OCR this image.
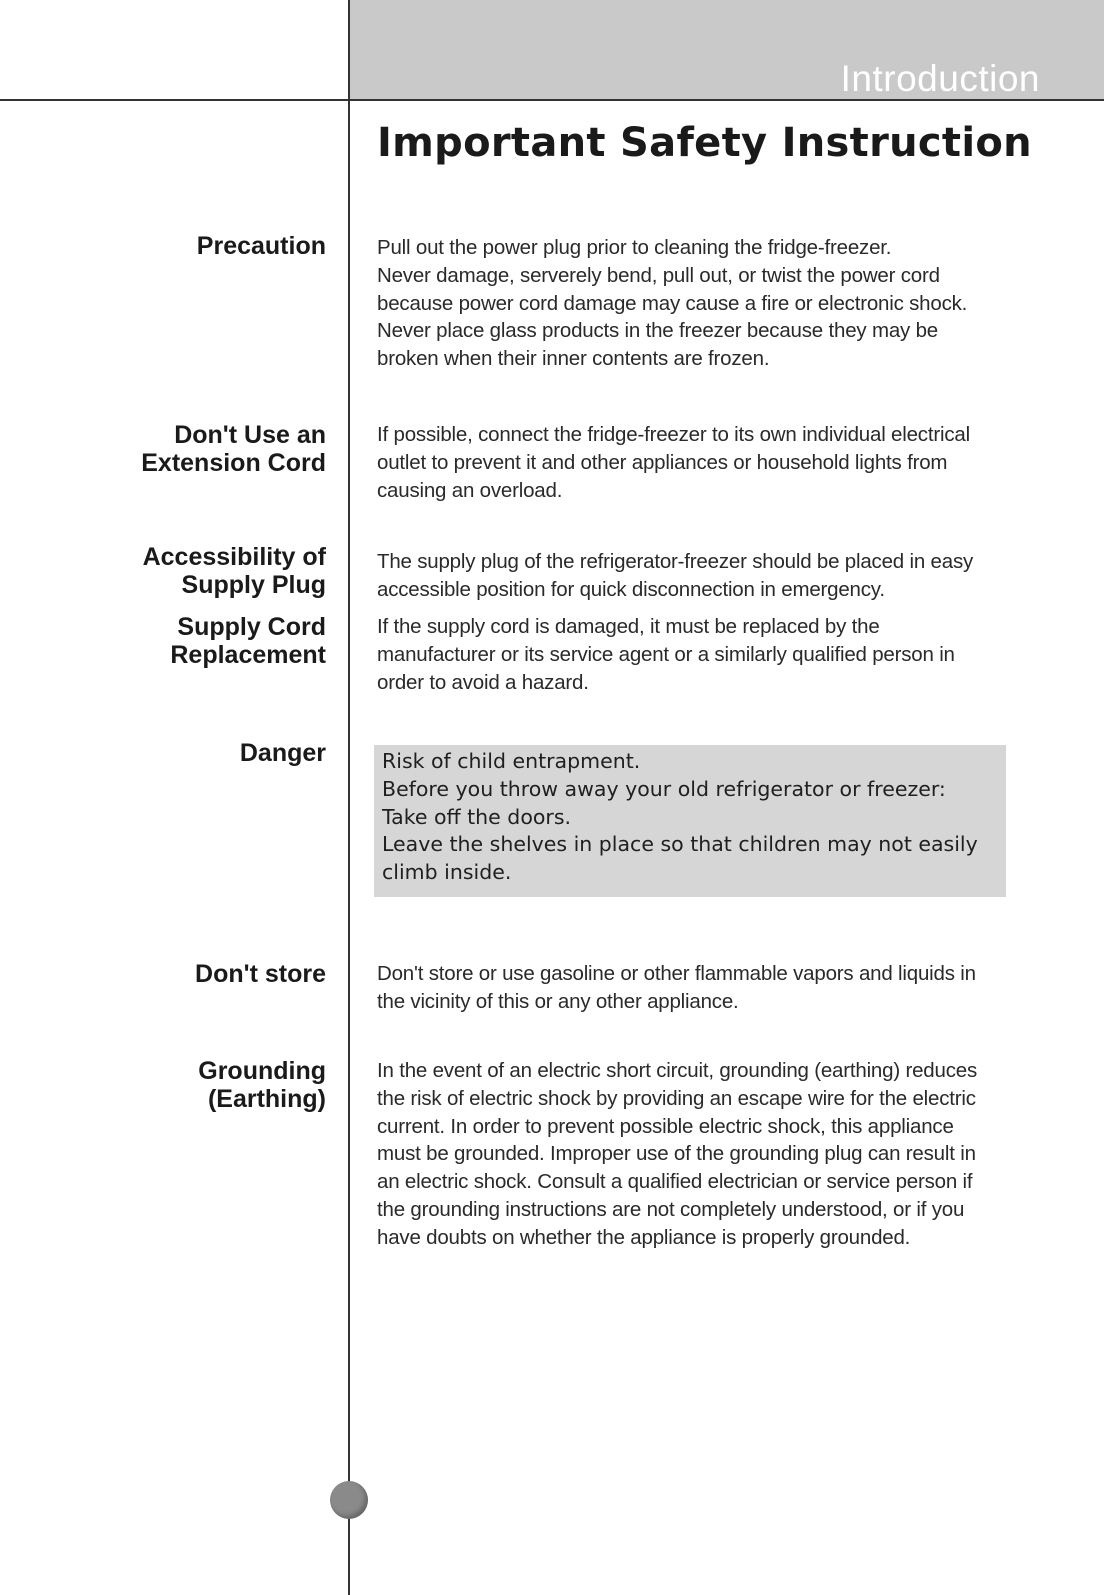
Introduction
Important Safety Instruction
Precaution Pull out the power plug prior to cleaning the fridge-freezer.
Never damage, serverely bend, pull out, or twist the power cord
because power cord damage may cause a fire or electronic shock.
Never place glass products in the freezer because they may be
broken when their inner contents are frozen.
Don't Use an
Extension Cord
If possible, connect the fridge-freezer to its own individual electrical
outlet to prevent it and other appliances or household lights from
causing an overload.
Accessibility of
Supply Plug
The supply plug of the refrigerator-freezer should be placed in easy
accessible position for quick disconnection in emergency.
Supply Cord
Replacement
If the supply cord is damaged, it must be replaced by the
manufacturer or its service agent or a similarly qualified person in
order to avoid a hazard.
Danger	Risk of child entrapment.
Before you throw away your old refrigerator or freezer:
Take off the doors.
Leave the shelves in place so that children may not easily
climb inside.
Don't store Don't store or use gasoline or other flammable vapors and liquids in
the vicinity of this or any other appliance.
Grounding
(Earthing)
In the event of an electric short circuit, grounding (earthing) reduces
the risk of electric shock by providing an escape wire for the electric
current. In order to prevent possible electric shock, this appliance
must be grounded. Improper use of the grounding plug can result in
an electric shock. Consult a qualified electrician or service person if
the grounding instructions are not completely understood, or if you
have doubts on whether the appliance is properly grounded.
